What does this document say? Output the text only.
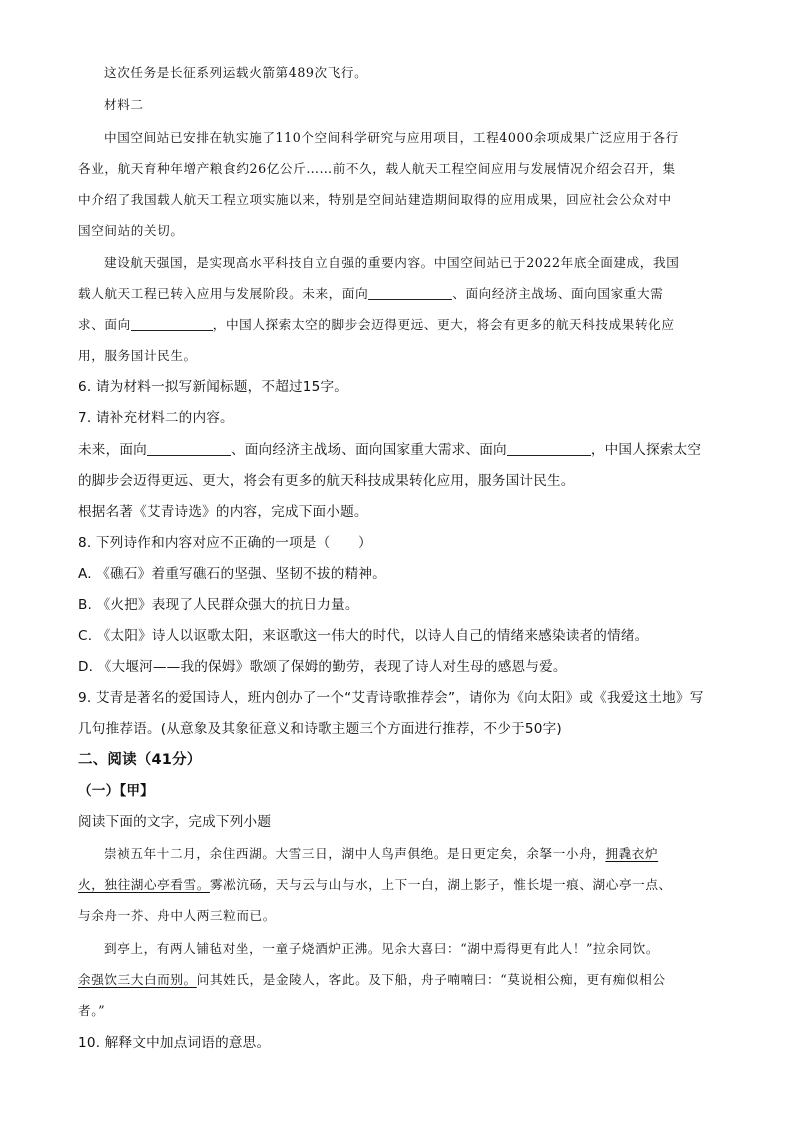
这次任务是长征系列运载火箭第489次飞行。
材料二
中国空间站已安排在轨实施了110个空间科学研究与应用项目，工程4000余项成果广泛应用于各行
各业，航天育种年增产粮食约26亿公斤……前不久，载人航天工程空间应用与发展情况介绍会召开，集
中介绍了我国载人航天工程立项实施以来，特别是空间站建造期间取得的应用成果，回应社会公众对中
国空间站的关切。
建设航天强国，是实现高水平科技自立自强的重要内容。中国空间站已于2022年底全面建成，我国
载人航天工程已转入应用与发展阶段。未来，面向	、面向经济主战场、面向国家重大需
求、面向	，中国人探索太空的脚步会迈得更远、更大，将会有更多的航天科技成果转化应
用，服务国计民生。
6. 请为材料一拟写新闻标题，不超过15字。
7. 请补充材料二的内容。
未来，面向	、面向经济主战场、面向国家重大需求、面向	，中国人探索太空
的脚步会迈得更远、更大，将会有更多的航天科技成果转化应用，服务国计民生。
根据名著《艾青诗选》的内容，完成下面小题。
8. 下列诗作和内容对应不正确的一项是（　　）
A. 《礁石》着重写礁石的坚强、坚韧不拔的精神。
B. 《火把》表现了人民群众强大的抗日力量。
C. 《太阳》诗人以讴歌太阳，来讴歌这一伟大的时代，以诗人自己的情绪来感染读者的情绪。
D. 《大堰河——我的保姆》歌颂了保姆的勤劳，表现了诗人对生母的感恩与爱。
9. 艾青是著名的爱国诗人，班内创办了一个“艾青诗歌推荐会”，请你为《向太阳》或《我爱这土地》写
几句推荐语。(从意象及其象征意义和诗歌主题三个方面进行推荐，不少于50字)
二、阅读（41分）
（一）【甲】
阅读下面的文字，完成下列小题
崇祯五年十二月，余住西湖。大雪三日，湖中人鸟声俱绝。是日更定矣，余拏一小舟，拥毳衣炉
火，独往湖心亭看雪。雾凇沆砀，天与云与山与水，上下一白，湖上影子，惟长堤一痕、湖心亭一点、
与余舟一芥、舟中人两三粒而已。
到亭上，有两人铺毡对坐，一童子烧酒炉正沸。见余大喜曰：“湖中焉得更有此人！”拉余同饮。
余强饮三大白而别。问其姓氏，是金陵人，客此。及下船，舟子喃喃曰：“莫说相公痴，更有痴似相公
者。”
10. 解释文中加点词语的意思。
